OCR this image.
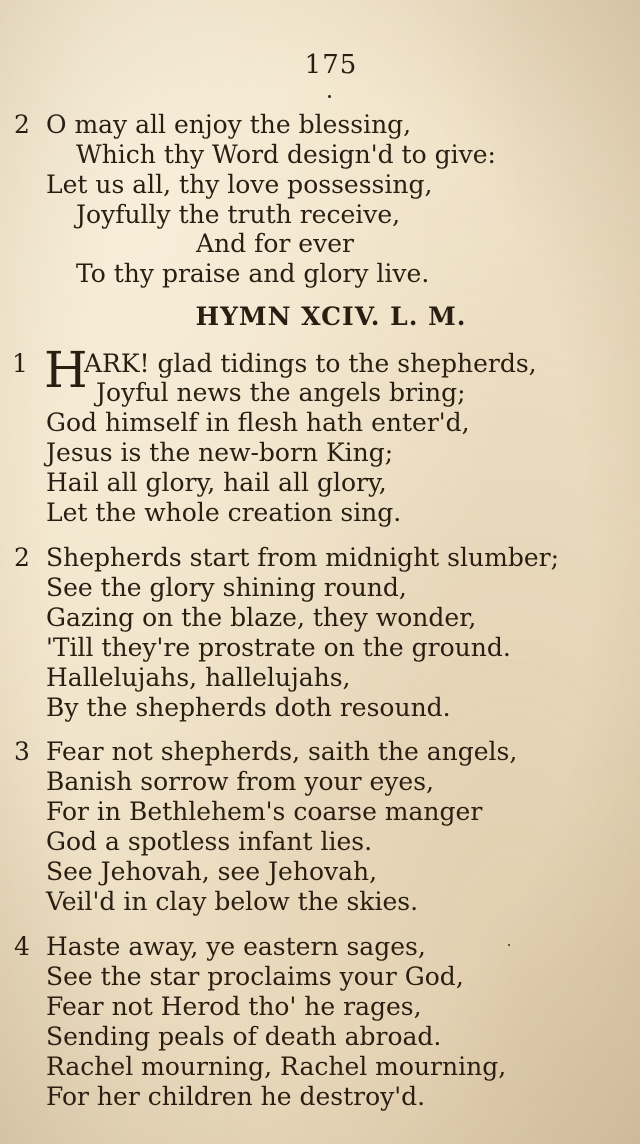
175
2 O may all enjoy the blessing,
Which thy Word design'd to give:
Let us all, thy love possessing,
Joyfully the truth receive,
And for ever
To thy praise and glory live.
HYMN XCIV. L. M.
1 H
ARK! glad tidings to the shepherds,
Joyful news the angels bring;
God himself in flesh hath enter'd,
Jesus is the new-born King;
Hail all glory, hail all glory,
Let the whole creation sing.
2 Shepherds start from midnight slumber;
See the glory shining round,
Gazing on the blaze, they wonder,
'Till they're prostrate on the ground.
Hallelujahs, hallelujahs,
By the shepherds doth resound.
3 Fear not shepherds, saith the angels,
Banish sorrow from your eyes,
For in Bethlehem's coarse manger
God a spotless infant lies.
See Jehovah, see Jehovah,
Veil'd in clay below the skies.
4 Haste away, ye eastern sages,
See the star proclaims your God,
Fear not Herod tho' he rages,
Sending peals of death abroad.
Rachel mourning, Rachel mourning,
For her children he destroy'd.
